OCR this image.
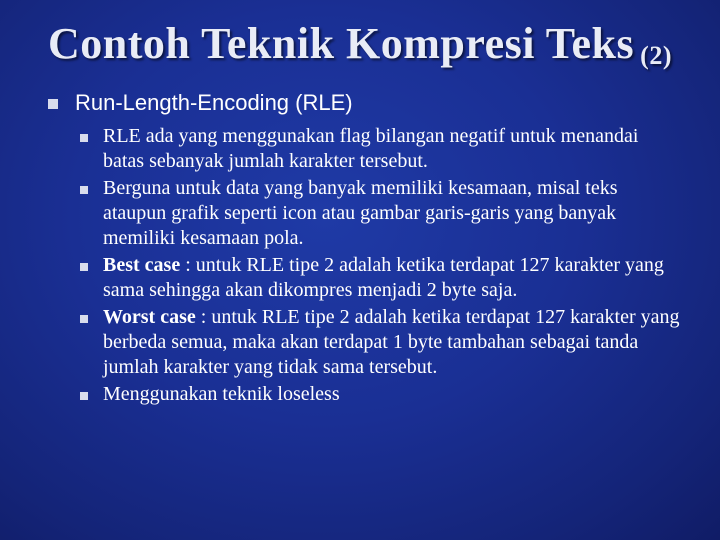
Contoh Teknik Kompresi Teks (2)
Run-Length-Encoding (RLE)
RLE ada yang menggunakan flag bilangan negatif untuk menandai batas sebanyak jumlah karakter tersebut.
Berguna untuk data yang banyak memiliki kesamaan, misal teks ataupun grafik seperti icon atau gambar garis-garis yang banyak memiliki kesamaan pola.
Best case : untuk RLE tipe 2 adalah ketika terdapat 127 karakter yang sama sehingga akan dikompres menjadi 2 byte saja.
Worst case : untuk RLE tipe 2 adalah ketika terdapat 127 karakter yang berbeda semua, maka akan terdapat 1 byte tambahan sebagai tanda jumlah karakter yang tidak sama tersebut.
Menggunakan teknik loseless
